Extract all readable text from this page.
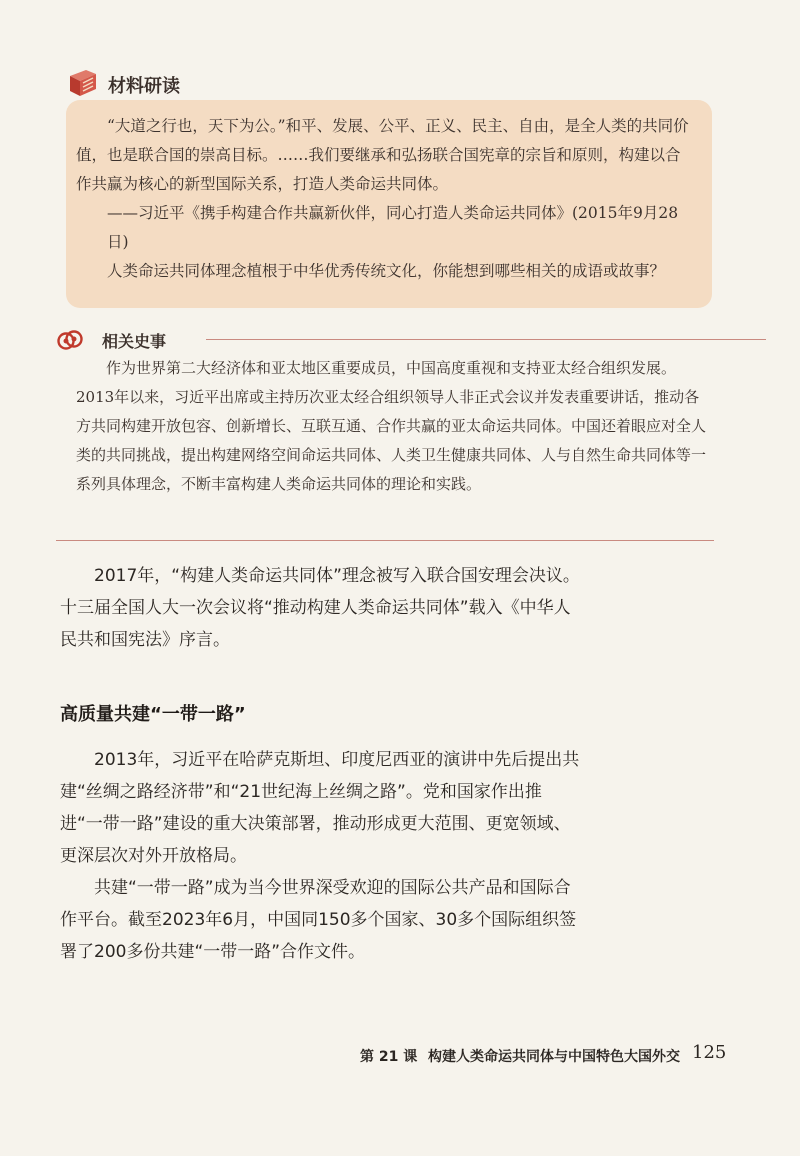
材料研读

“大道之行也，天下为公。”和平、发展、公平、正义、民主、自由，是全人类的共同价值，也是联合国的崇高目标。……我们要继承和弘扬联合国宪章的宗旨和原则，构建以合作共赢为核心的新型国际关系，打造人类命运共同体。

——习近平《携手构建合作共赢新伙伴，同心打造人类命运共同体》(2015年9月28日)

人类命运共同体理念植根于中华优秀传统文化，你能想到哪些相关的成语或故事？

相关史事

作为世界第二大经济体和亚太地区重要成员，中国高度重视和支持亚太经合组织发展。2013年以来，习近平出席或主持历次亚太经合组织领导人非正式会议并发表重要讲话，推动各方共同构建开放包容、创新增长、互联互通、合作共赢的亚太命运共同体。中国还着眼应对全人类的共同挑战，提出构建网络空间命运共同体、人类卫生健康共同体、人与自然生命共同体等一系列具体理念，不断丰富构建人类命运共同体的理论和实践。

2017年，“构建人类命运共同体”理念被写入联合国安理会决议。十三届全国人大一次会议将“推动构建人类命运共同体”载入《中华人民共和国宪法》序言。

高质量共建“一带一路”

2013年，习近平在哈萨克斯坦、印度尼西亚的演讲中先后提出共建“丝绸之路经济带”和“21世纪海上丝绸之路”。党和国家作出推进“一带一路”建设的重大决策部署，推动形成更大范围、更宽领域、更深层次对外开放格局。

共建“一带一路”成为当今世界深受欢迎的国际公共产品和国际合作平台。截至2023年6月，中国同150多个国家、30多个国际组织签署了200多份共建“一带一路”合作文件。

第 21 课 构建人类命运共同体与中国特色大国外交 125
